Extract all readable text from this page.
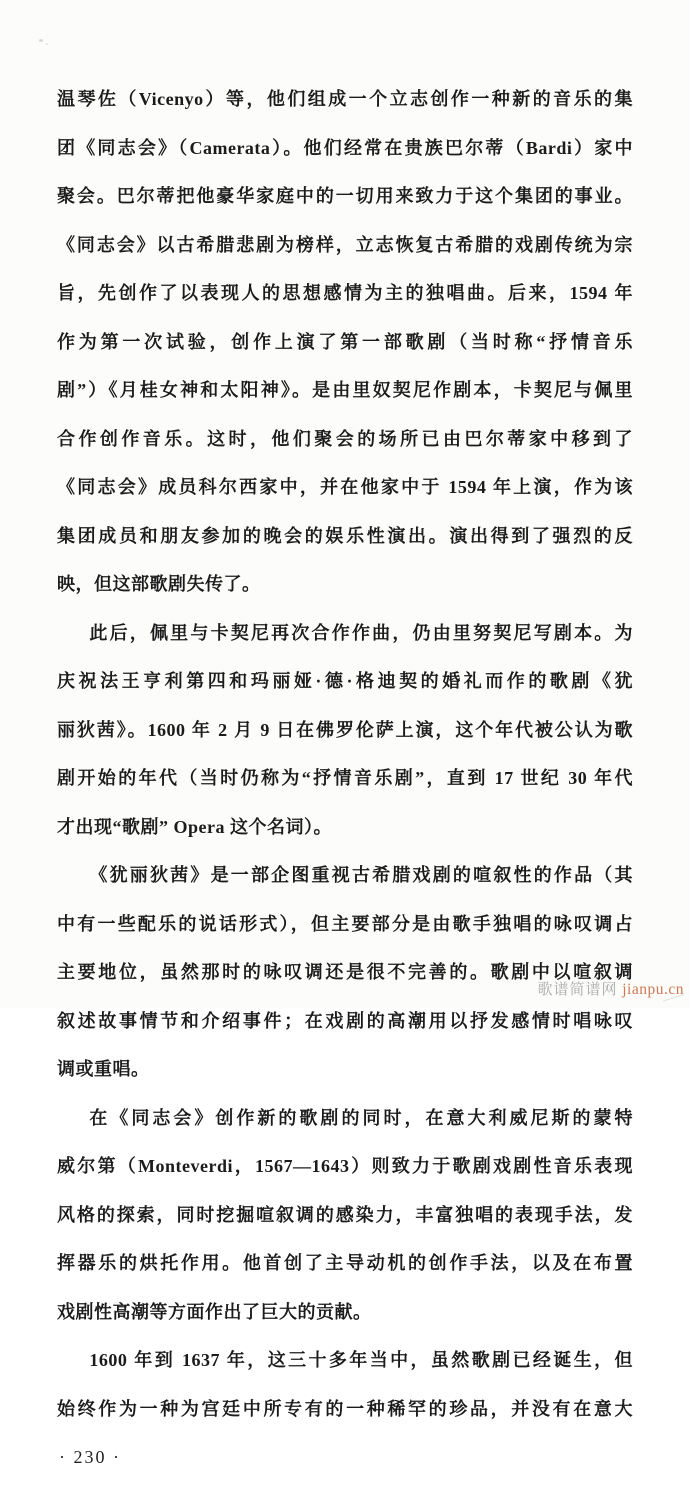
温琴佐（Vicenyo）等，他们组成一个立志创作一种新的音乐的集

团《同志会》（Camerata）。他们经常在贵族巴尔蒂（Bardi）家中

聚会。巴尔蒂把他豪华家庭中的一切用来致力于这个集团的事业。

《同志会》以古希腊悲剧为榜样，立志恢复古希腊的戏剧传统为宗

旨，先创作了以表现人的思想感情为主的独唱曲。后来，1594 年

作为第一次试验，创作上演了第一部歌剧（当时称“抒情音乐

剧”）《月桂女神和太阳神》。是由里奴契尼作剧本，卡契尼与佩里

合作创作音乐。这时，他们聚会的场所已由巴尔蒂家中移到了

《同志会》成员科尔西家中，并在他家中于 1594 年上演，作为该

集团成员和朋友参加的晚会的娱乐性演出。演出得到了强烈的反

映，但这部歌剧失传了。

此后，佩里与卡契尼再次合作作曲，仍由里努契尼写剧本。为

庆祝法王亨利第四和玛丽娅·德·格迪契的婚礼而作的歌剧《犹

丽狄茜》。1600 年 2 月 9 日在佛罗伦萨上演，这个年代被公认为歌

剧开始的年代（当时仍称为“抒情音乐剧”，直到 17 世纪 30 年代

才出现“歌剧” Opera 这个名词）。

《犹丽狄茜》是一部企图重视古希腊戏剧的喧叙性的作品（其

中有一些配乐的说话形式），但主要部分是由歌手独唱的咏叹调占

主要地位，虽然那时的咏叹调还是很不完善的。歌剧中以喧叙调

叙述故事情节和介绍事件；在戏剧的高潮用以抒发感情时唱咏叹

调或重唱。

在《同志会》创作新的歌剧的同时，在意大利威尼斯的蒙特

威尔第（Monteverdi，1567—1643）则致力于歌剧戏剧性音乐表现

风格的探索，同时挖掘喧叙调的感染力，丰富独唱的表现手法，发

挥器乐的烘托作用。他首创了主导动机的创作手法，以及在布置

戏剧性高潮等方面作出了巨大的贡献。

1600 年到 1637 年，这三十多年当中，虽然歌剧已经诞生，但

始终作为一种为宫廷中所专有的一种稀罕的珍品，并没有在意大

· 230 ·

歌谱简谱网 jianpu.cn
